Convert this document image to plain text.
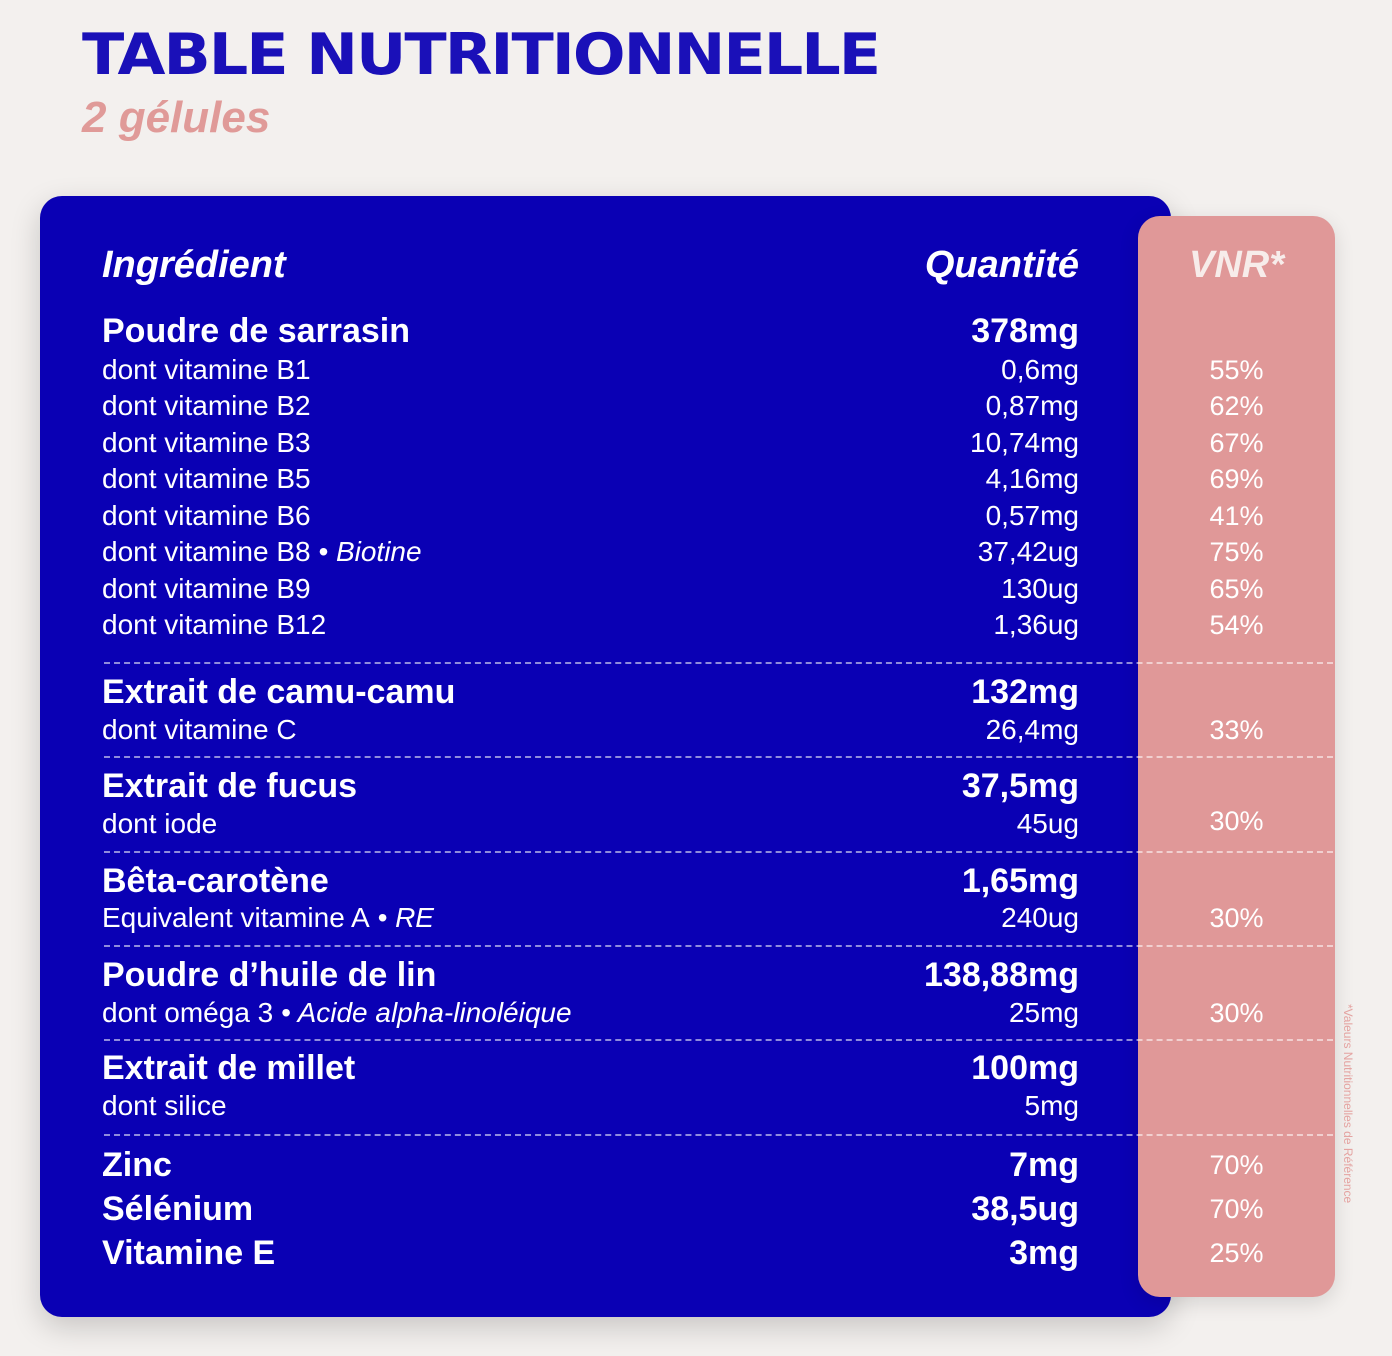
TABLE NUTRITIONNELLE
2 gélules
Ingrédient	Quantité	VNR*
Poudre de sarrasin	378mg
dont vitamine B1	0,6mg	55%
dont vitamine B2	0,87mg	62%
dont vitamine B3	10,74mg	67%
dont vitamine B5	4,16mg	69%
dont vitamine B6	0,57mg	41%
dont vitamine B8 • Biotine	37,42ug	75%
dont vitamine B9	130ug	65%
dont vitamine B12	1,36ug	54%
Extrait de camu-camu	132mg
dont vitamine C	26,4mg	33%
Extrait de fucus	37,5mg
dont iode	45ug	30%
Bêta-carotène	1,65mg
Equivalent vitamine A • RE	240ug	30%
Poudre d’huile de lin	138,88mg
dont oméga 3 • Acide alpha-linoléique	25mg	30%
Extrait de millet	100mg
dont silice	5mg
Zinc	7mg	70%
Sélénium	38,5ug	70%
Vitamine E	3mg	25%
*Valeurs Nutritionnelles de Référence
